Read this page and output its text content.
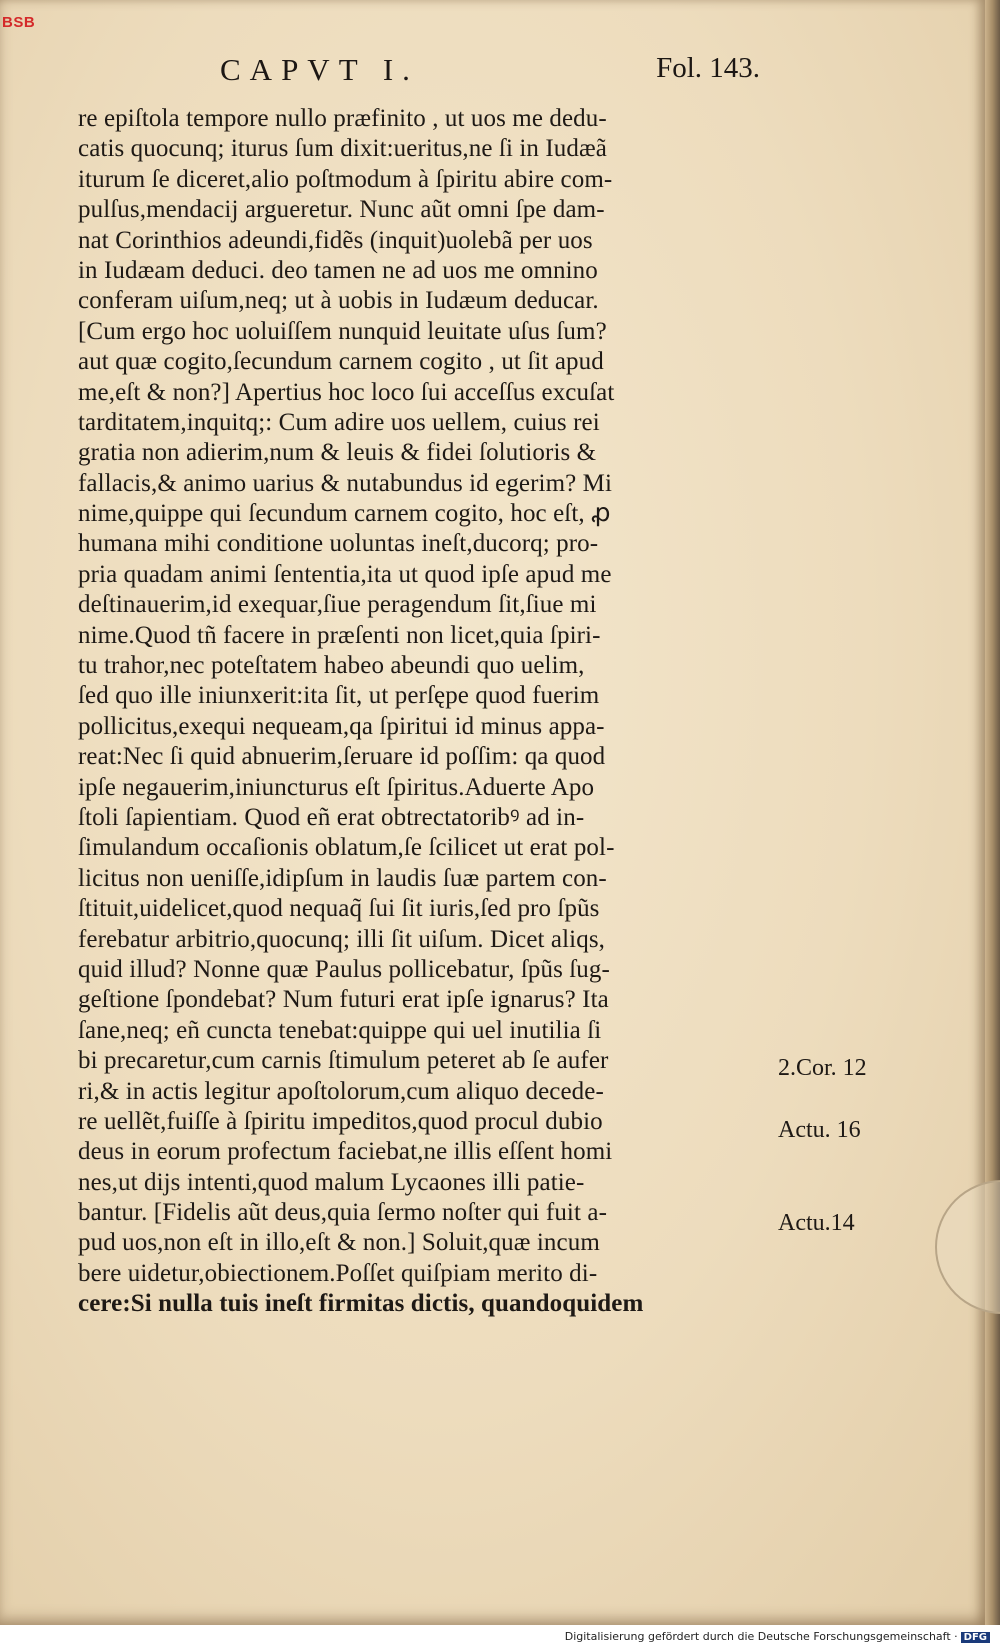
BSB
CAPVT I.	Fol. 143.
re epiſtola tempore nullo præfinito , ut uos me dedu‑
catis quocunq; iturus ſum dixit:ueritus,ne ſi in Iudæã
iturum ſe diceret,alio poſtmodum à ſpiritu abire com‑
pulſus,mendacij argueretur. Nunc aũt omni ſpe dam‑
nat Corinthios adeundi,fidẽs (inquit)uolebã per uos
in Iudæam deduci. deo tamen ne ad uos me omnino
conferam uiſum,neq; ut à uobis in Iudæum deducar.
[Cum ergo hoc uoluiſſem nunquid leuitate uſus ſum?
aut quæ cogito,ſecundum carnem cogito , ut ſit apud
me,eſt & non?] Apertius hoc loco ſui acceſſus excuſat
tarditatem,inquitq;: Cum adire uos uellem, cuius rei
gratia non adierim,num & leuis & fidei ſolutioris &
fallacis,& animo uarius & nutabundus id egerim? Mi
nime,quippe qui ſecundum carnem cogito, hoc eſt, ꝓ
humana mihi conditione uoluntas ineſt,ducorq; pro‑
pria quadam animi ſententia,ita ut quod ipſe apud me
deſtinauerim,id exequar,ſiue peragendum ſit,ſiue mi
nime.Quod tñ facere in præſenti non licet,quia ſpiri‑
tu trahor,nec poteſtatem habeo abeundi quo uelim,
ſed quo ille iniunxerit:ita ſit, ut perſępe quod fuerim
pollicitus,exequi nequeam,qa ſpiritui id minus appa‑
reat:Nec ſi quid abnuerim,ſeruare id poſſim: qa quod
ipſe negauerim,iniuncturus eſt ſpiritus.Aduerte Apo
ſtoli ſapientiam. Quod eñ erat obtrectatoribꝰ ad in‑
ſimulandum occaſionis oblatum,ſe ſcilicet ut erat pol‑
licitus non ueniſſe,idipſum in laudis ſuæ partem con‑
ſtituit,uidelicet,quod nequaq̃ ſui ſit iuris,ſed pro ſpũs
ferebatur arbitrio,quocunq; illi ſit uiſum. Dicet aliqs,
quid illud? Nonne quæ Paulus pollicebatur, ſpũs ſug‑
geſtione ſpondebat? Num futuri erat ipſe ignarus? Ita
ſane,neq; eñ cuncta tenebat:quippe qui uel inutilia ſi
bi precaretur,cum carnis ſtimulum peteret ab ſe aufer
ri,& in actis legitur apoſtolorum,cum aliquo decede‑
re uellẽt,fuiſſe à ſpiritu impeditos,quod procul dubio
deus in eorum profectum faciebat,ne illis eſſent homi
nes,ut dijs intenti,quod malum Lycaones illi patie‑
bantur. [Fidelis aũt deus,quia ſermo noſter qui fuit a‑
pud uos,non eſt in illo,eſt & non.] Soluit,quæ incum
bere uidetur,obiectionem.Poſſet quiſpiam merito di‑
cere:Si nulla tuis ineſt firmitas dictis, quandoquidem
2.Cor. 12
Actu. 16
Actu.14
Digitalisierung gefördert durch die Deutsche Forschungsgemeinschaft · DFG
